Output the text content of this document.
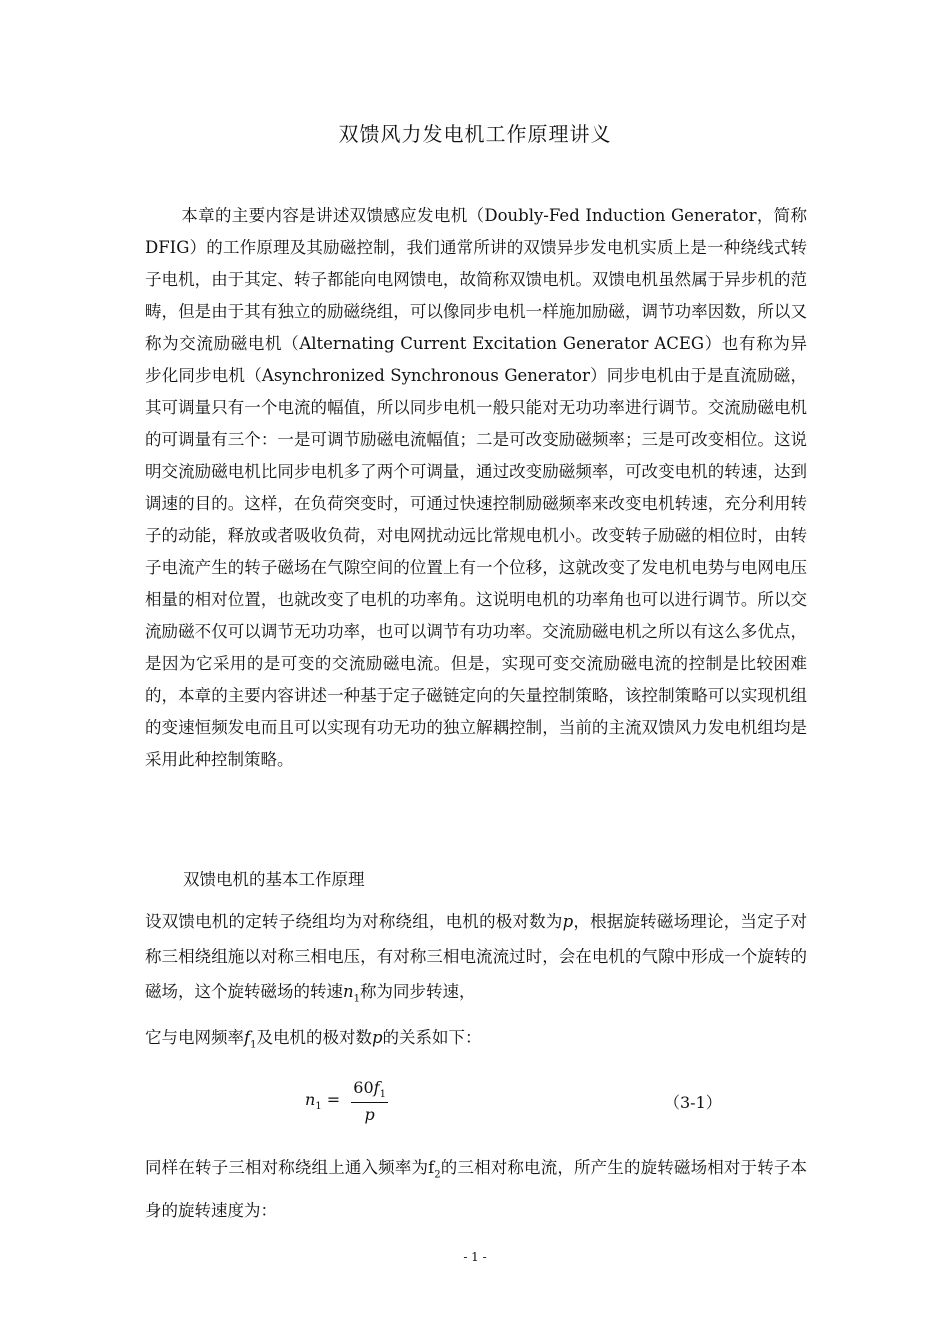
双馈风力发电机工作原理讲义
本章的主要内容是讲述双馈感应发电机（Doubly-Fed Induction Generator，简称DFIG）的工作原理及其励磁控制，我们通常所讲的双馈异步发电机实质上是一种绕线式转子电机，由于其定、转子都能向电网馈电，故简称双馈电机。双馈电机虽然属于异步机的范畴，但是由于其有独立的励磁绕组，可以像同步电机一样施加励磁，调节功率因数，所以又称为交流励磁电机（Alternating Current Excitation Generator ACEG）也有称为异步化同步电机（Asynchronized Synchronous Generator）同步电机由于是直流励磁，其可调量只有一个电流的幅值，所以同步电机一般只能对无功功率进行调节。交流励磁电机的可调量有三个：一是可调节励磁电流幅值；二是可改变励磁频率；三是可改变相位。这说明交流励磁电机比同步电机多了两个可调量，通过改变励磁频率，可改变电机的转速，达到调速的目的。这样，在负荷突变时，可通过快速控制励磁频率来改变电机转速，充分利用转子的动能，释放或者吸收负荷，对电网扰动远比常规电机小。改变转子励磁的相位时，由转子电流产生的转子磁场在气隙空间的位置上有一个位移，这就改变了发电机电势与电网电压相量的相对位置，也就改变了电机的功率角。这说明电机的功率角也可以进行调节。所以交流励磁不仅可以调节无功功率，也可以调节有功功率。交流励磁电机之所以有这么多优点，是因为它采用的是可变的交流励磁电流。但是，实现可变交流励磁电流的控制是比较困难的，本章的主要内容讲述一种基于定子磁链定向的矢量控制策略，该控制策略可以实现机组的变速恒频发电而且可以实现有功无功的独立解耦控制，当前的主流双馈风力发电机组均是采用此种控制策略。
双馈电机的基本工作原理
设双馈电机的定转子绕组均为对称绕组，电机的极对数为p，根据旋转磁场理论，当定子对称三相绕组施以对称三相电压，有对称三相电流流过时，会在电机的气隙中形成一个旋转的磁场，这个旋转磁场的转速$n_1$称为同步转速，
它与电网频率$f_1$及电机的极对数p的关系如下：
$n_1 = \frac{60f_1}{p}$	（3-1）
同样在转子三相对称绕组上通入频率为$f_2$的三相对称电流，所产生的旋转磁场相对于转子本身的旋转速度为：
- 1 -
